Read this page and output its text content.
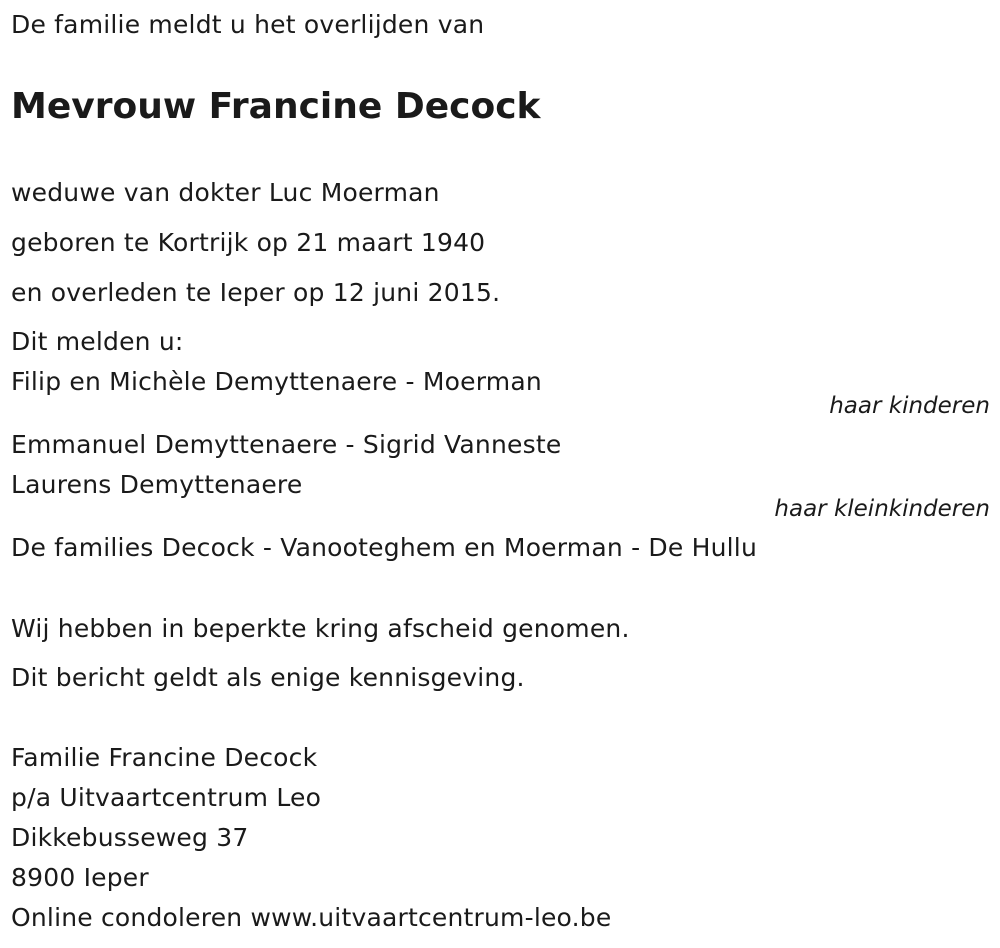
De familie meldt u het overlijden van
Mevrouw Francine Decock
weduwe van dokter Luc Moerman
geboren te Kortrijk op 21 maart 1940
en overleden te Ieper op 12 juni 2015.
Dit melden u:
Filip en Michèle Demyttenaere - Moerman
haar kinderen
Emmanuel Demyttenaere - Sigrid Vanneste
Laurens Demyttenaere
haar kleinkinderen
De families Decock - Vanooteghem en Moerman - De Hullu
Wij hebben in beperkte kring afscheid genomen.
Dit bericht geldt als enige kennisgeving.
Familie Francine Decock
p/a Uitvaartcentrum Leo
Dikkebusseweg 37
8900 Ieper
Online condoleren www.uitvaartcentrum-leo.be
